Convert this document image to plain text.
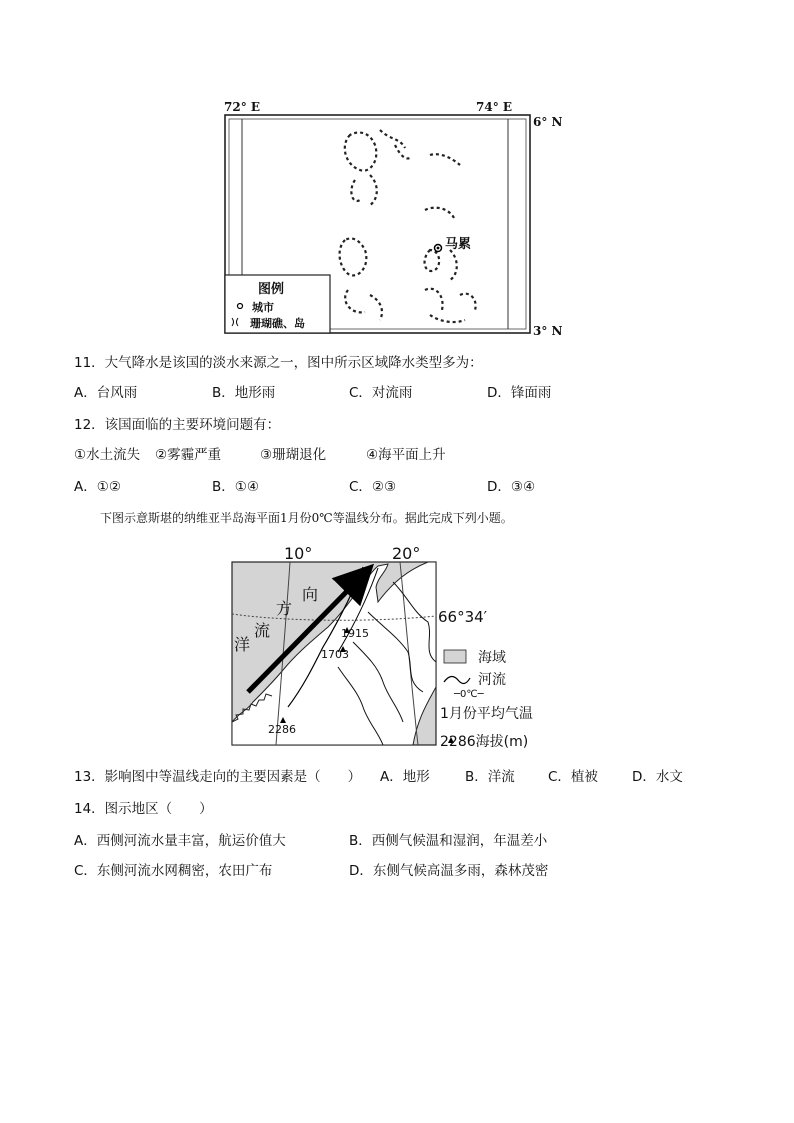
72° E	74° E
6° N
3° N
马累
图例
城市
珊瑚礁、岛
11．大气降水是该国的淡水来源之一，图中所示区域降水类型多为：
A．台风雨	B．地形雨	C．对流雨	D．锋面雨
12．该国面临的主要环境问题有：
①水土流失 ②雾霾严重	③珊瑚退化	④海平面上升
A．①②	B．①④	C．②③	D．③④
下图示意斯堪的纳维亚半岛海平面1月份0℃等温线分布。据此完成下列小题。
10°	20°
66°34′
洋
流
方
向
1915
1703
2286
海域
河流
─0℃─
1月份平均气温
2286海拔(m)
13．影响图中等温线走向的主要因素是（　　） A．地形	B．洋流 C．植被	D．水文
14．图示地区（　　）
A．西侧河流水量丰富，航运价值大	B．西侧气候温和湿润，年温差小
C．东侧河流水网稠密，农田广布	D．东侧气候高温多雨，森林茂密
